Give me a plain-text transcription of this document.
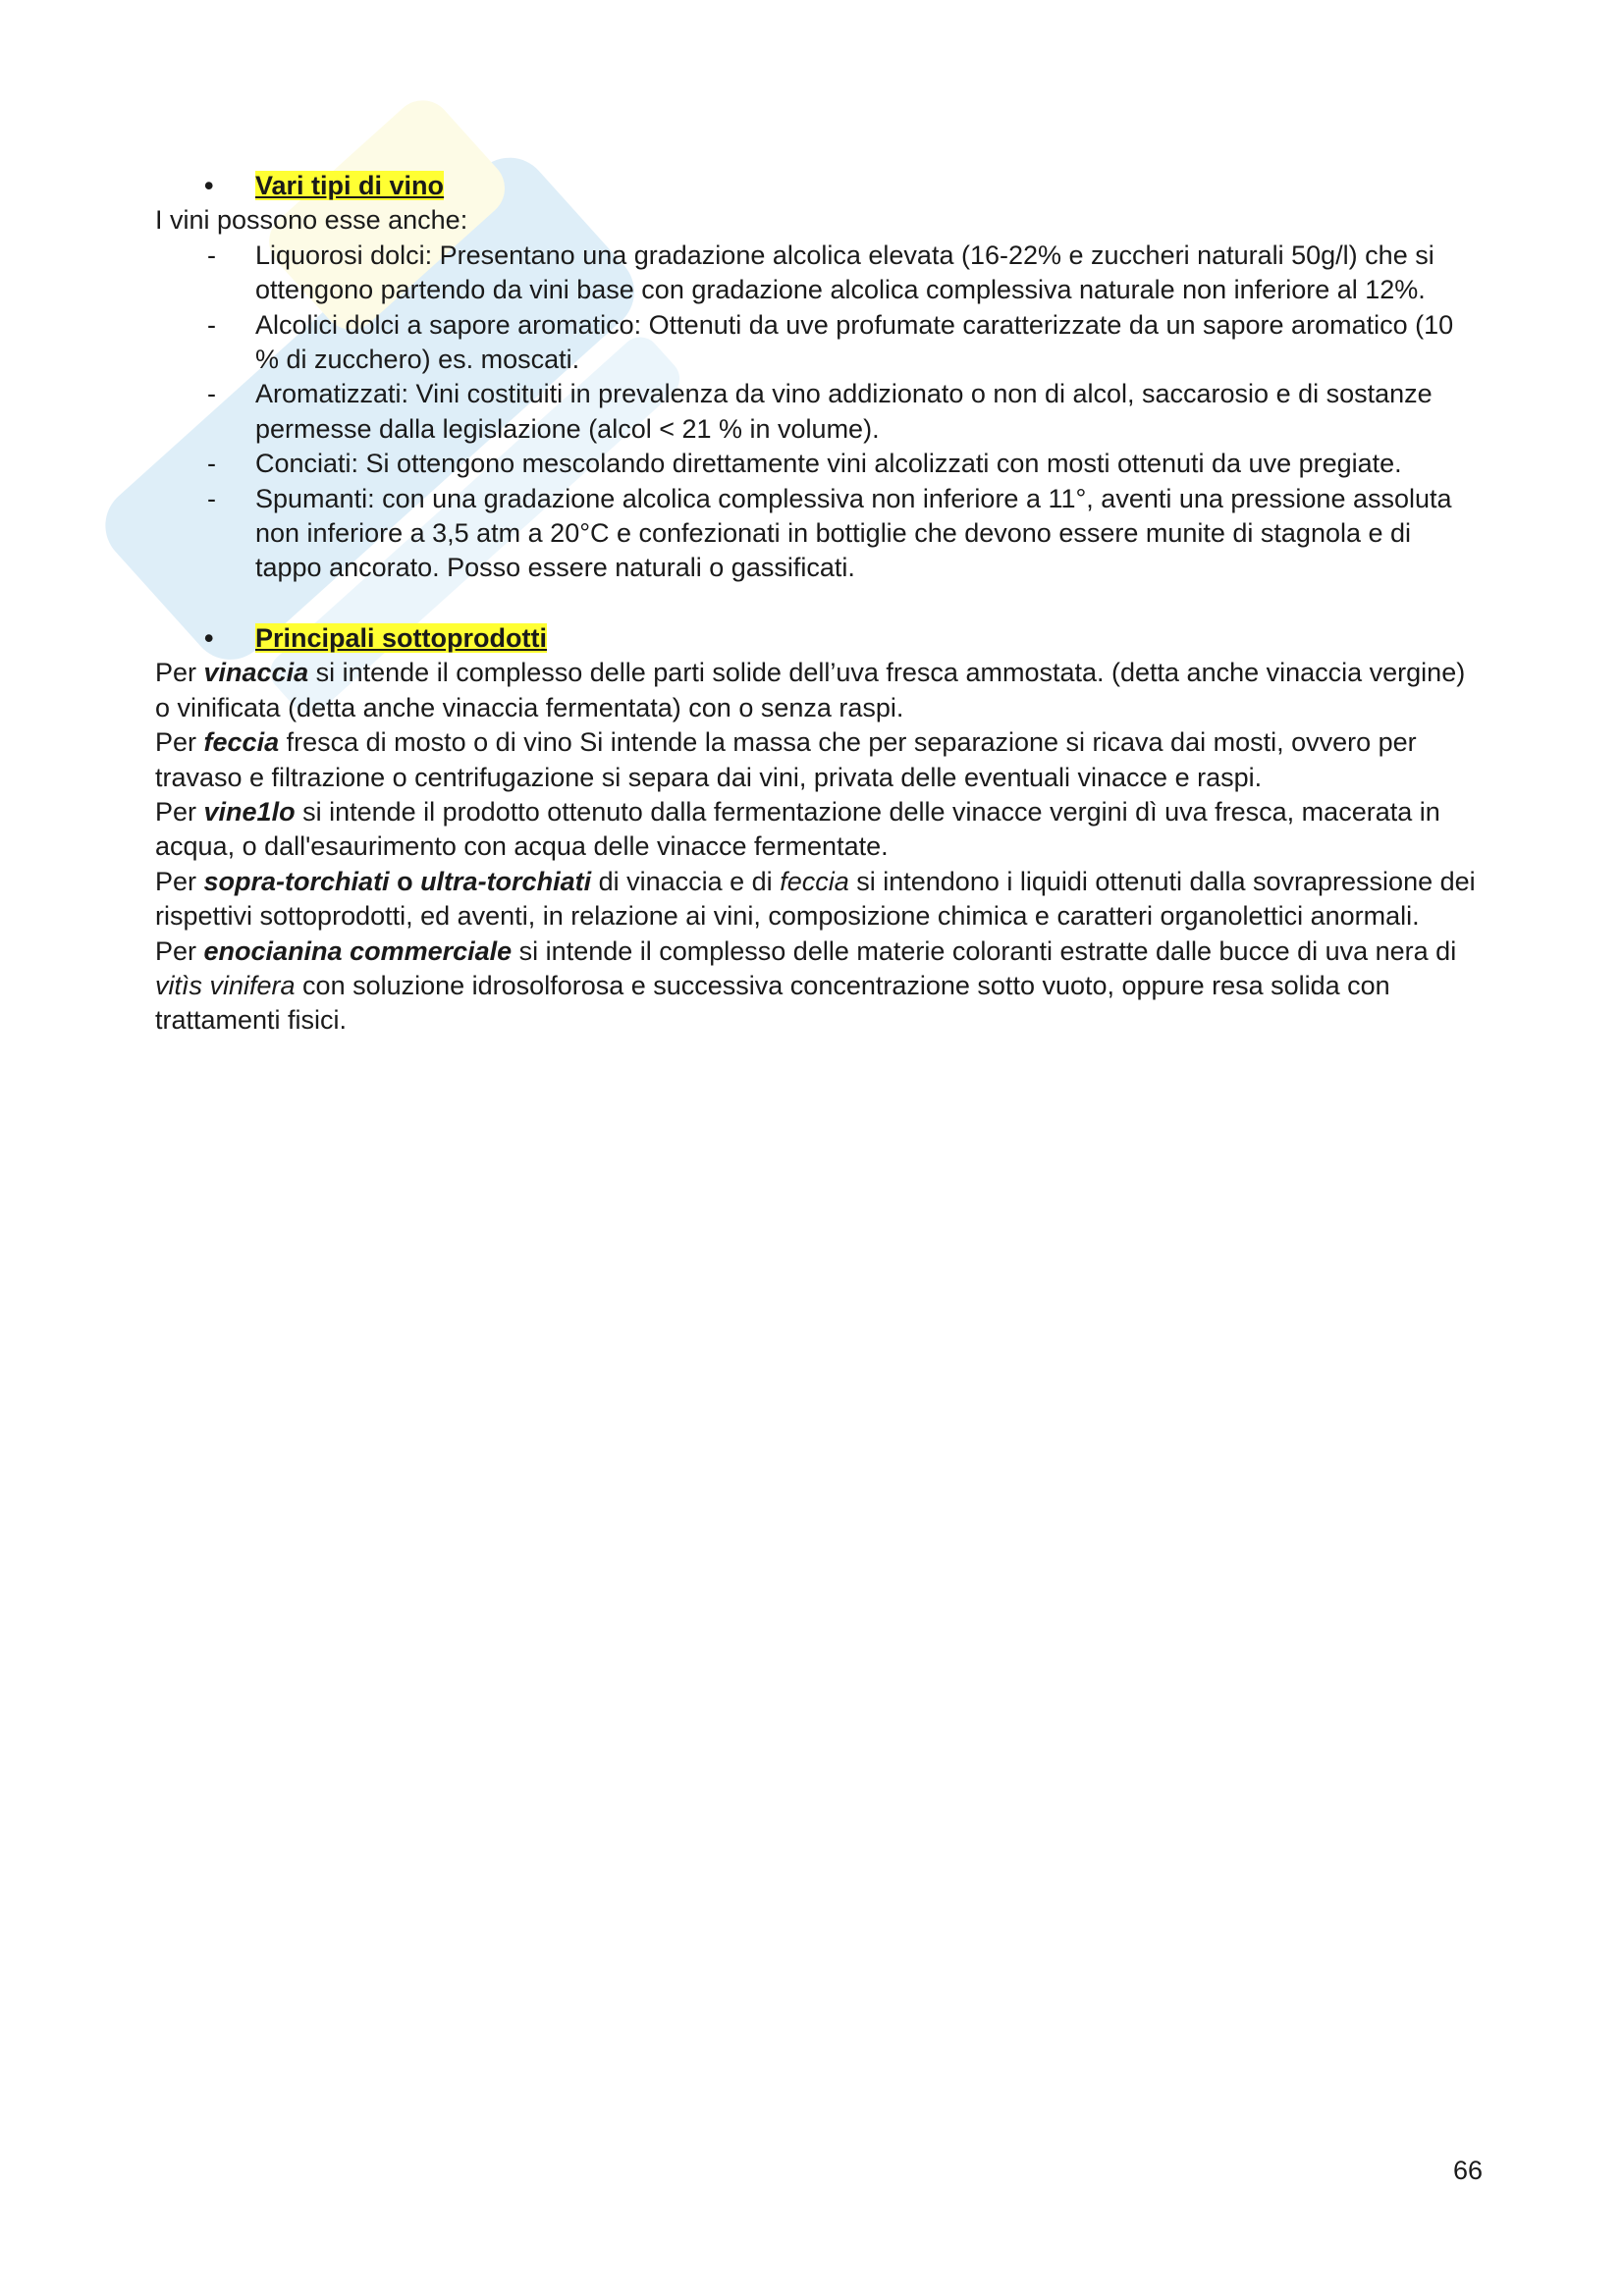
• Vari tipi di vino

I vini possono esse anche:

- Liquorosi dolci: Presentano una gradazione alcolica elevata (16-22% e zuccheri naturali 50g/l) che si ottengono partendo da vini base con gradazione alcolica complessiva naturale non inferiore al 12%.
- Alcolici dolci a sapore aromatico: Ottenuti da uve profumate caratterizzate da un sapore aromatico (10 % di zucchero) es. moscati.
- Aromatizzati: Vini costituiti in prevalenza da vino addizionato o non di alcol, saccarosio e di sostanze permesse dalla legislazione (alcol < 21 % in volume).
- Conciati: Si ottengono mescolando direttamente vini alcolizzati con mosti ottenuti da uve pregiate.
- Spumanti: con una gradazione alcolica complessiva non inferiore a 11°, aventi una pressione assoluta non inferiore a 3,5 atm a 20°C e confezionati in bottiglie che devono essere munite di stagnola e di tappo ancorato. Posso essere naturali o gassificati.

• Principali sottoprodotti

Per vinaccia si intende il complesso delle parti solide dell’uva fresca ammostata. (detta anche vinaccia vergine) o vinificata (detta anche vinaccia fermentata) con o senza raspi.

Per feccia fresca di mosto o di vino Si intende la massa che per separazione si ricava dai mosti, ovvero per travaso e filtrazione o centrifugazione si separa dai vini, privata delle eventuali vinacce e raspi.

Per vine1lo si intende il prodotto ottenuto dalla fermentazione delle vinacce vergini dì uva fresca, macerata in acqua, o dall'esaurimento con acqua delle vinacce fermentate.

Per sopra-torchiati o ultra-torchiati di vinaccia e di feccia si intendono i liquidi ottenuti dalla sovrapressione dei rispettivi sottoprodotti, ed aventi, in relazione ai vini, composizione chimica e caratteri organolettici anormali.

Per enocianina commerciale si intende il complesso delle materie coloranti estratte dalle bucce di uva nera di vitìs vinifera con soluzione idrosolforosa e successiva concentrazione sotto vuoto, oppure resa solida con trattamenti fisici.

66
